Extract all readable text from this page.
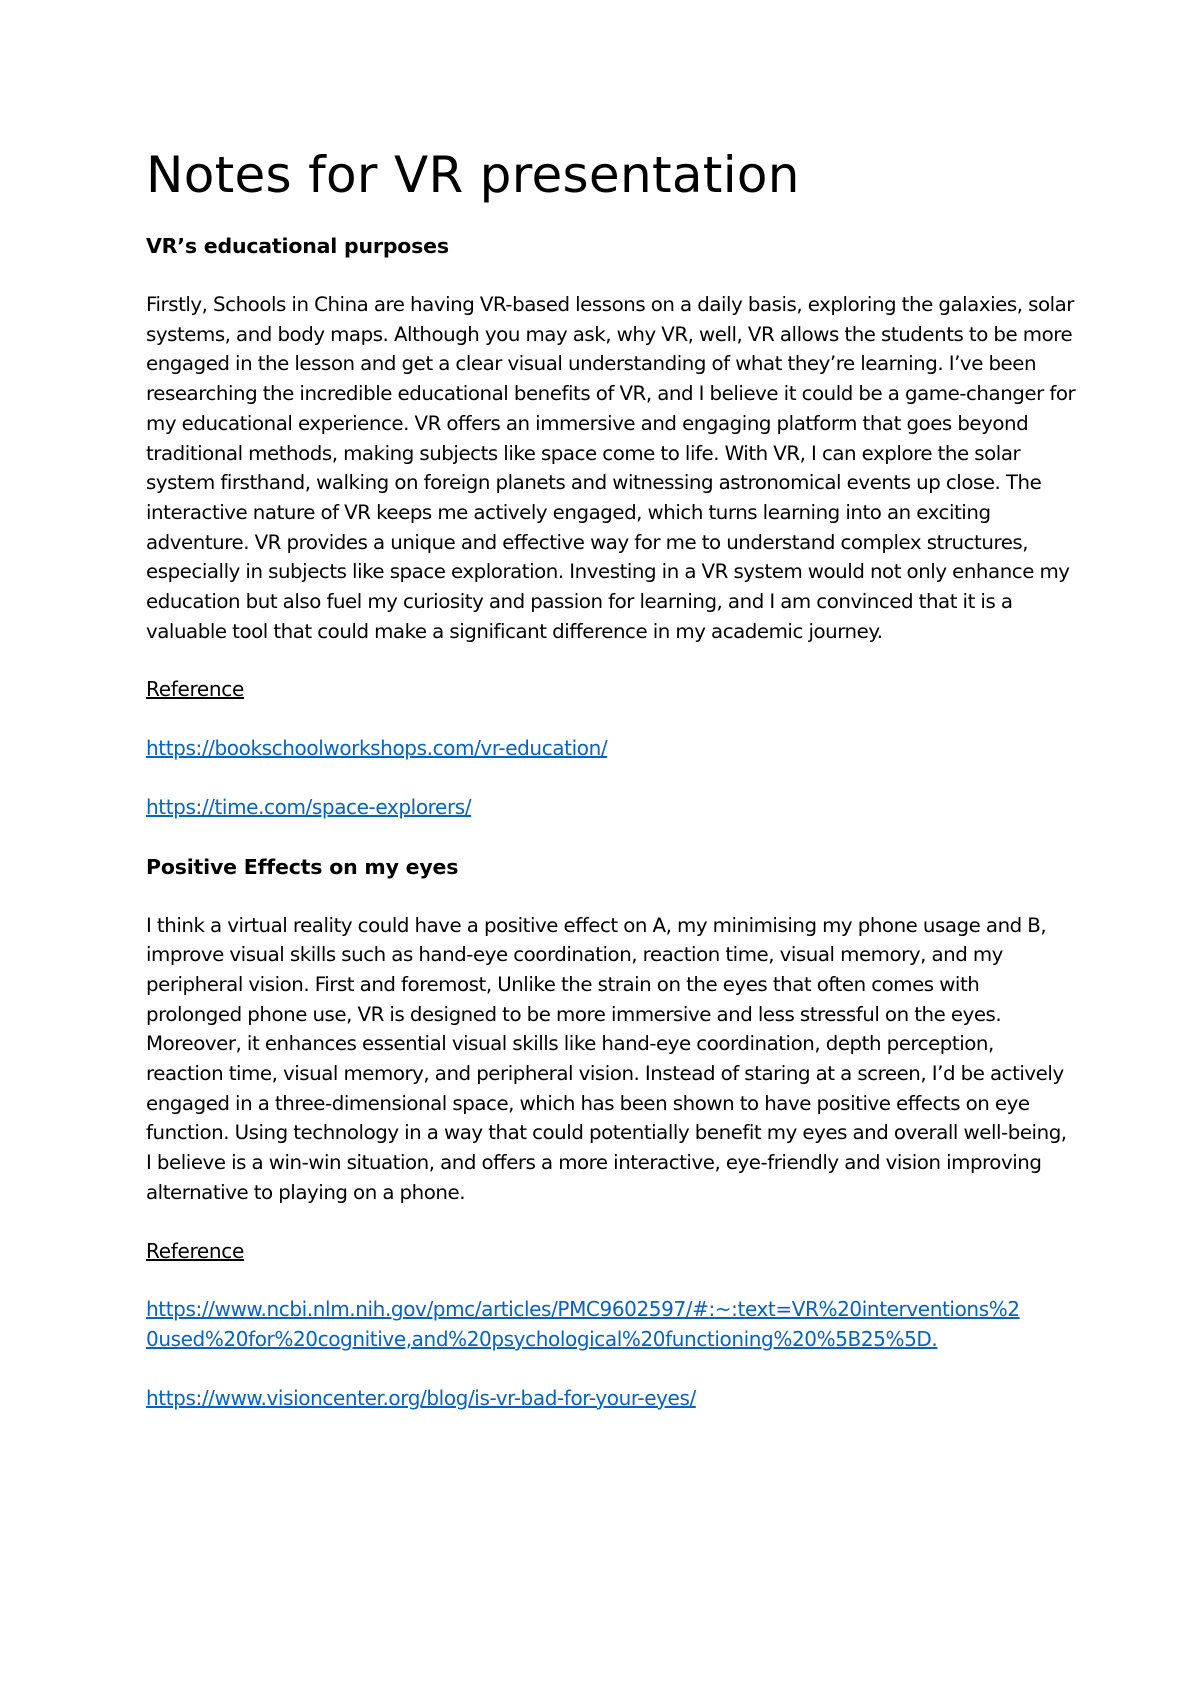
Notes for VR presentation
VR’s educational purposes

Firstly, Schools in China are having VR-based lessons on a daily basis, exploring the galaxies, solar systems, and body maps. Although you may ask, why VR, well, VR allows the students to be more engaged in the lesson and get a clear visual understanding of what they’re learning. I’ve been researching the incredible educational benefits of VR, and I believe it could be a game-changer for my educational experience. VR offers an immersive and engaging platform that goes beyond traditional methods, making subjects like space come to life. With VR, I can explore the solar system firsthand, walking on foreign planets and witnessing astronomical events up close. The interactive nature of VR keeps me actively engaged, which turns learning into an exciting adventure. VR provides a unique and effective way for me to understand complex structures, especially in subjects like space exploration. Investing in a VR system would not only enhance my education but also fuel my curiosity and passion for learning, and I am convinced that it is a valuable tool that could make a significant difference in my academic journey.

Reference
https://bookschoolworkshops.com/vr-education/
https://time.com/space-explorers/
Positive Effects on my eyes

I think a virtual reality could have a positive effect on A, my minimising my phone usage and B, improve visual skills such as hand-eye coordination, reaction time, visual memory, and my peripheral vision. First and foremost, Unlike the strain on the eyes that often comes with prolonged phone use, VR is designed to be more immersive and less stressful on the eyes. Moreover, it enhances essential visual skills like hand-eye coordination, depth perception, reaction time, visual memory, and peripheral vision. Instead of staring at a screen, I’d be actively engaged in a three-dimensional space, which has been shown to have positive effects on eye function. Using technology in a way that could potentially benefit my eyes and overall well-being, I believe is a win-win situation, and offers a more interactive, eye-friendly and vision improving alternative to playing on a phone.

Reference
https://www.ncbi.nlm.nih.gov/pmc/articles/PMC9602597/#:~:text=VR%20interventions%20used%20for%20cognitive,and%20psychological%20functioning%20%5B25%5D.
https://www.visioncenter.org/blog/is-vr-bad-for-your-eyes/
